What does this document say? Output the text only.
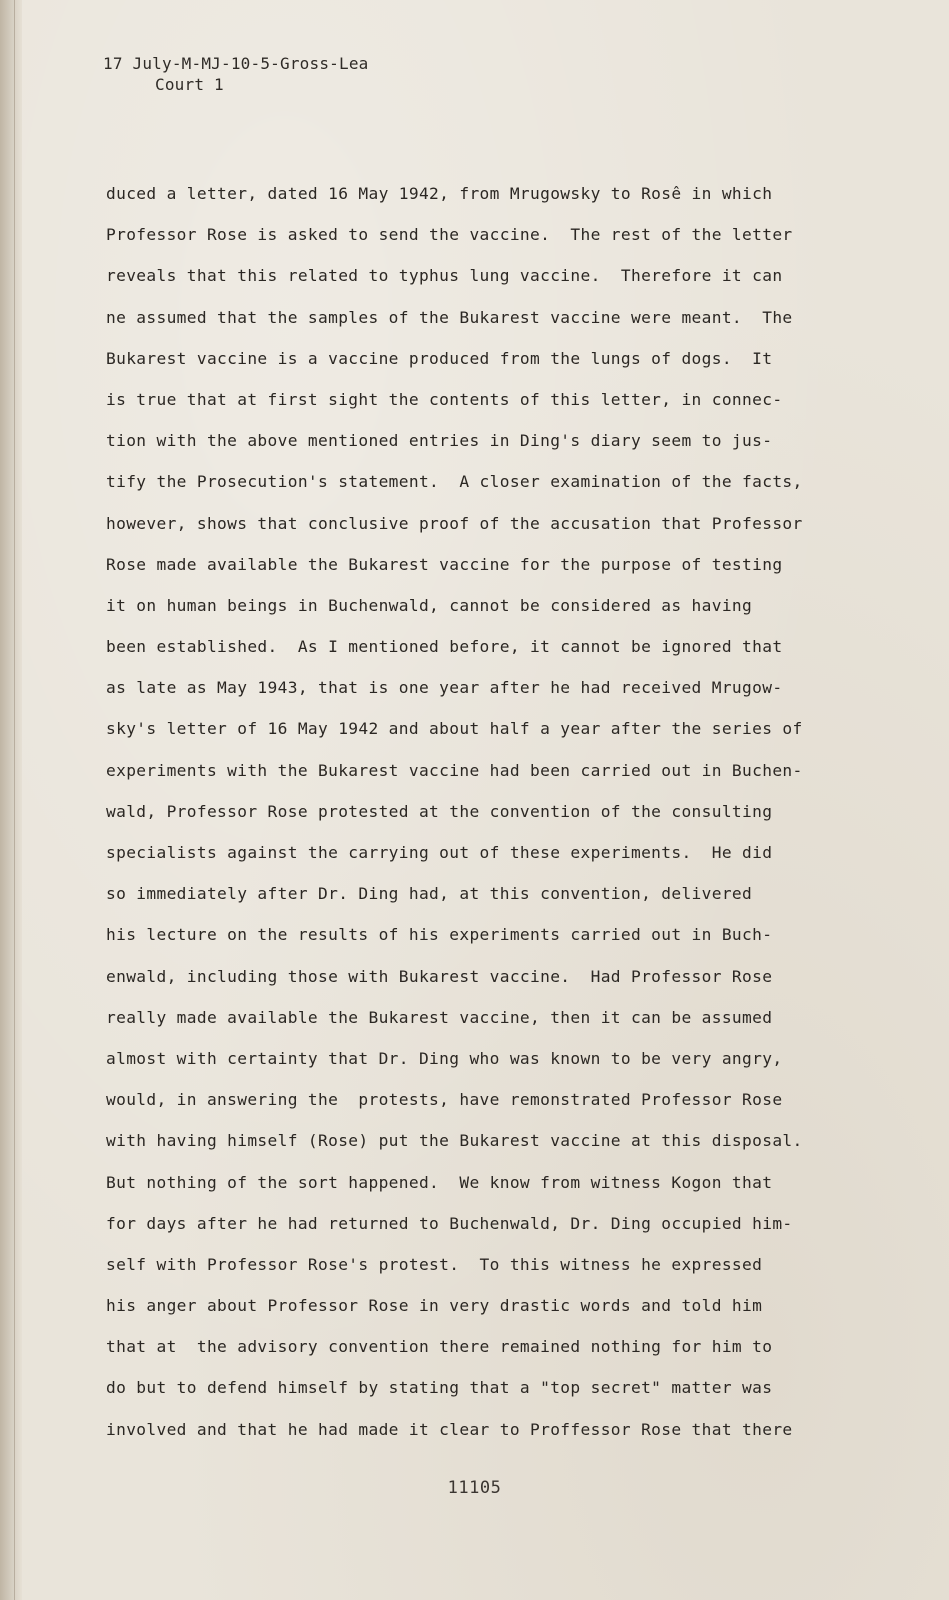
17 July-M-MJ-10-5-Gross-Lea
Court 1
duced a letter, dated 16 May 1942, from Mrugowsky to Rosê in which
Professor Rose is asked to send the vaccine.  The rest of the letter
reveals that this related to typhus lung vaccine.  Therefore it can
ne assumed that the samples of the Bukarest vaccine were meant.  The
Bukarest vaccine is a vaccine produced from the lungs of dogs.  It
is true that at first sight the contents of this letter, in connec-
tion with the above mentioned entries in Ding's diary seem to jus-
tify the Prosecution's statement.  A closer examination of the facts,
however, shows that conclusive proof of the accusation that Professor
Rose made available the Bukarest vaccine for the purpose of testing
it on human beings in Buchenwald, cannot be considered as having
been established.  As I mentioned before, it cannot be ignored that
as late as May 1943, that is one year after he had received Mrugow-
sky's letter of 16 May 1942 and about half a year after the series of
experiments with the Bukarest vaccine had been carried out in Buchen-
wald, Professor Rose protested at the convention of the consulting
specialists against the carrying out of these experiments.  He did
so immediately after Dr. Ding had, at this convention, delivered
his lecture on the results of his experiments carried out in Buch-
enwald, including those with Bukarest vaccine.  Had Professor Rose
really made available the Bukarest vaccine, then it can be assumed
almost with certainty that Dr. Ding who was known to be very angry,
would, in answering the  protests, have remonstrated Professor Rose
with having himself (Rose) put the Bukarest vaccine at this disposal.
But nothing of the sort happened.  We know from witness Kogon that
for days after he had returned to Buchenwald, Dr. Ding occupied him-
self with Professor Rose's protest.  To this witness he expressed
his anger about Professor Rose in very drastic words and told him
that at  the advisory convention there remained nothing for him to
do but to defend himself by stating that a "top secret" matter was
involved and that he had made it clear to Proffessor Rose that there
11105
